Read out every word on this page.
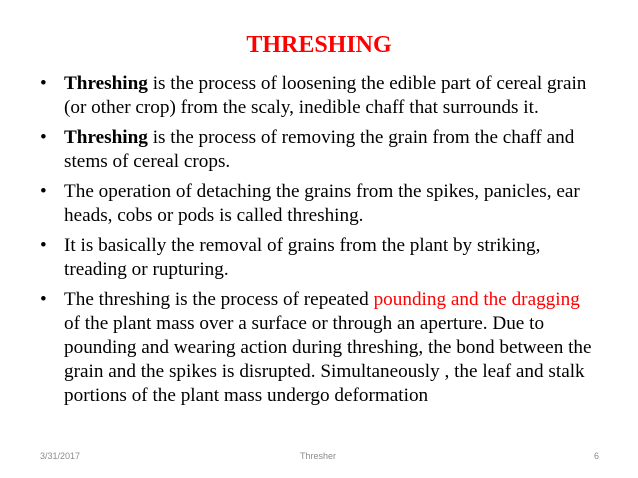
THRESHING
• Threshing is the process of loosening the edible part of cereal grain (or other crop) from the scaly, inedible chaff that surrounds it.
• Threshing is the process of removing the grain from the chaff and stems of cereal crops.
• The operation of detaching the grains from the spikes, panicles, ear heads, cobs or pods is called threshing.
• It is basically the removal of grains from the plant by striking, treading or rupturing.
• The threshing is the process of repeated pounding and the dragging of the plant mass over a surface or through an aperture. Due to pounding and wearing action during threshing, the bond between the grain and the spikes is disrupted. Simultaneously , the leaf and stalk portions of the plant mass undergo deformation
3/31/2017	Thresher	6
